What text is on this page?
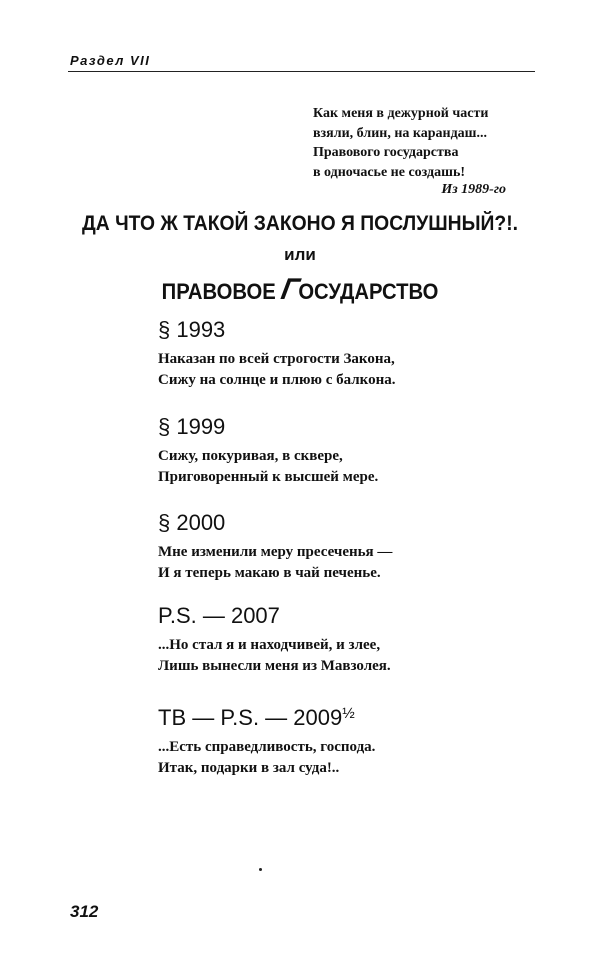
Раздел VII
Как меня в дежурной части
взяли, блин, на карандаш...
Правового государства
в одночасье не создашь!
Из 1989-го
ДА ЧТО Ж ТАКОЙ ЗАКОНО Я ПОСЛУШНЫЙ?!.
или
ПРАВОВОЕ ГОСУДАРСТВО
§ 1993

Наказан по всей строгости Закона,

Сижу на солнце и плюю с балкона.

§ 1999

Сижу, покуривая, в сквере,

Приговоренный к высшей мере.

§ 2000

Мне изменили меру пресеченья —

И я теперь макаю в чай печенье.

P.S. — 2007

...Но стал я и находчивей, и злее,

Лишь вынесли меня из Мавзолея.

ТВ — P.S. — $2009^{\frac{1}{2}}$

...Есть справедливость, господа.

Итак, подарки в зал суда!..

312
